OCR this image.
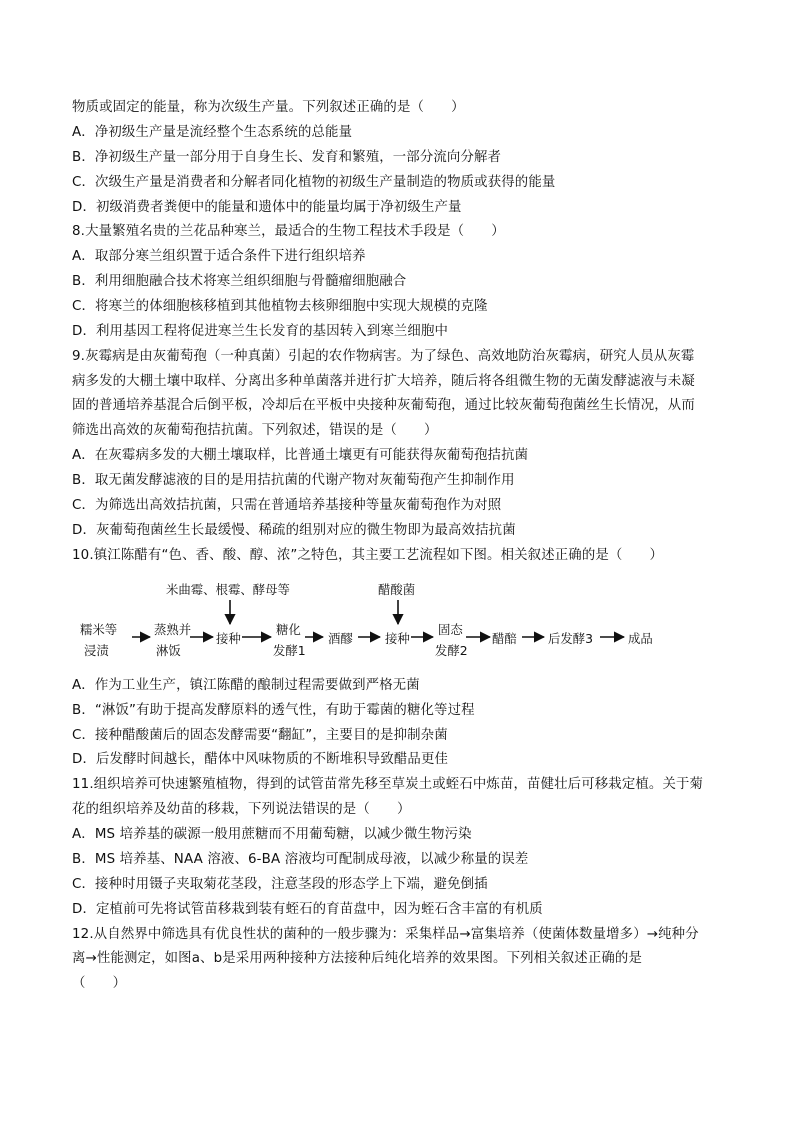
物质或固定的能量，称为次级生产量。下列叙述正确的是（　　）
A．净初级生产量是流经整个生态系统的总能量
B．净初级生产量一部分用于自身生长、发育和繁殖，一部分流向分解者
C．次级生产量是消费者和分解者同化植物的初级生产量制造的物质或获得的能量
D．初级消费者粪便中的能量和遗体中的能量均属于净初级生产量
8.大量繁殖名贵的兰花品种寒兰，最适合的生物工程技术手段是（　　）
A．取部分寒兰组织置于适合条件下进行组织培养
B．利用细胞融合技术将寒兰组织细胞与骨髓瘤细胞融合
C．将寒兰的体细胞核移植到其他植物去核卵细胞中实现大规模的克隆
D．利用基因工程将促进寒兰生长发育的基因转入到寒兰细胞中
9.灰霉病是由灰葡萄孢（一种真菌）引起的农作物病害。为了绿色、高效地防治灰霉病，研究人员从灰霉
病多发的大棚土壤中取样、分离出多种单菌落并进行扩大培养，随后将各组微生物的无菌发酵滤液与未凝
固的普通培养基混合后倒平板，冷却后在平板中央接种灰葡萄孢，通过比较灰葡萄孢菌丝生长情况，从而
筛选出高效的灰葡萄孢拮抗菌。下列叙述，错误的是（　　）
A．在灰霉病多发的大棚土壤取样，比普通土壤更有可能获得灰葡萄孢拮抗菌
B．取无菌发酵滤液的目的是用拮抗菌的代谢产物对灰葡萄孢产生抑制作用
C．为筛选出高效拮抗菌，只需在普通培养基接种等量灰葡萄孢作为对照
D．灰葡萄孢菌丝生长最缓慢、稀疏的组别对应的微生物即为最高效拮抗菌
10.镇江陈醋有“色、香、酸、醇、浓”之特色，其主要工艺流程如下图。相关叙述正确的是（　　）
米曲霉、根霉、酵母等	醋酸菌
糯米等
浸渍
蒸熟并
淋饭
接种
糖化
发酵1
酒醪	接种
固态
发酵2
醋醅	后发酵3	成品
A．作为工业生产，镇江陈醋的酿制过程需要做到严格无菌
B．“淋饭”有助于提高发酵原料的透气性，有助于霉菌的糖化等过程
C．接种醋酸菌后的固态发酵需要“翻缸”，主要目的是抑制杂菌
D．后发酵时间越长，醋体中风味物质的不断堆积导致醋品更佳
11.组织培养可快速繁殖植物，得到的试管苗常先移至草炭土或蛭石中炼苗，苗健壮后可移栽定植。关于菊
花的组织培养及幼苗的移栽，下列说法错误的是（　　）
A．MS 培养基的碳源一般用蔗糖而不用葡萄糖，以减少微生物污染
B．MS 培养基、NAA 溶液、6-BA 溶液均可配制成母液，以减少称量的误差
C．接种时用镊子夹取菊花茎段，注意茎段的形态学上下端，避免倒插
D．定植前可先将试管苗移栽到装有蛭石的育苗盘中，因为蛭石含丰富的有机质
12.从自然界中筛选具有优良性状的菌种的一般步骤为：采集样品→富集培养（使菌体数量增多）→纯种分
离→性能测定，如图a、b是采用两种接种方法接种后纯化培养的效果图。下列相关叙述正确的是
（　　）
